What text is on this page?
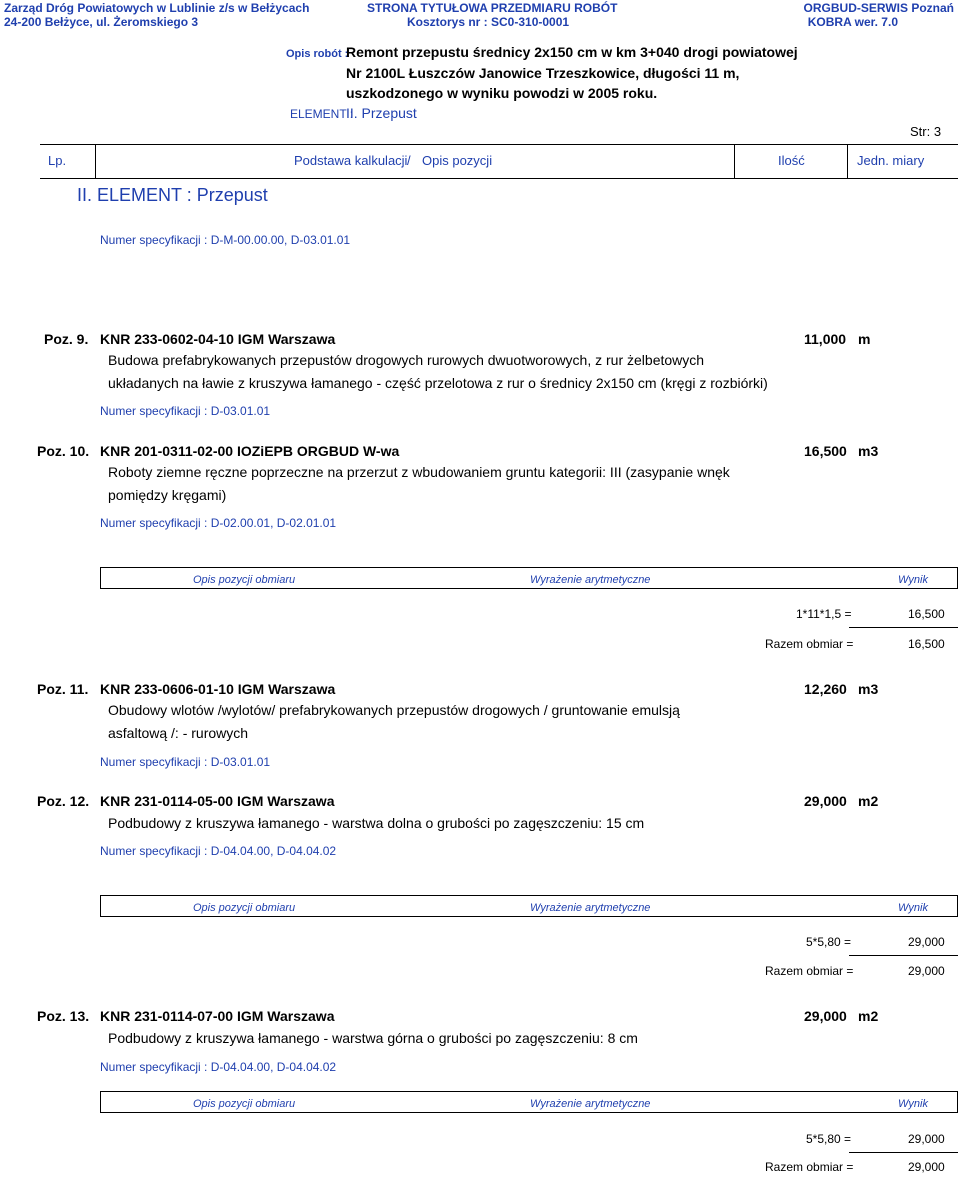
Zarząd Dróg Powiatowych w Lublinie z/s w Bełżycach
24-200 Bełżyce, ul. Żeromskiego 3
STRONA TYTUŁOWA PRZEDMIARU ROBÓT
Kosztorys nr : SC0-310-0001
ORGBUD-SERWIS Poznań
KOBRA wer. 7.0
Opis robót :
Remont przepustu średnicy 2x150 cm w km 3+040 drogi powiatowej
Nr 2100L Łuszczów Janowice Trzeszkowice, długości 11 m,
uszkodzonego w wyniku powodzi w 2005 roku.
ELEMENT :
II. Przepust
Str: 3
Lp.	Podstawa kalkulacji / Opis pozycji	Ilość	Jedn. miary
II. ELEMENT : Przepust
Numer specyfikacji : D-M-00.00.00, D-03.01.01
Poz. 9. KNR 233-0602-04-10 IGM Warszawa	11,000 m
Budowa prefabrykowanych przepustów drogowych rurowych dwuotworowych, z rur żelbetowych
układanych na ławie z kruszywa łamanego - część przelotowa z rur o średnicy 2x150 cm (kręgi z rozbiórki)
Numer specyfikacji : D-03.01.01
Poz. 10. KNR 201-0311-02-00 IOZiEPB ORGBUD W-wa	16,500 m3
Roboty ziemne ręczne poprzeczne na przerzut z wbudowaniem gruntu kategorii: III (zasypanie wnęk
pomiędzy kręgami)
Numer specyfikacji : D-02.00.01, D-02.01.01
Opis pozycji obmiaru	Wyrażenie arytmetyczne	Wynik
1*11*1,5 =	16,500
Razem obmiar =	16,500
Poz. 11. KNR 233-0606-01-10 IGM Warszawa	12,260 m3
Obudowy wlotów /wylotów/ prefabrykowanych przepustów drogowych / gruntowanie emulsją
asfaltową /: - rurowych
Numer specyfikacji : D-03.01.01
Poz. 12. KNR 231-0114-05-00 IGM Warszawa	29,000 m2
Podbudowy z kruszywa łamanego - warstwa dolna o grubości po zagęszczeniu: 15 cm
Numer specyfikacji : D-04.04.00, D-04.04.02
Opis pozycji obmiaru	Wyrażenie arytmetyczne	Wynik
5*5,80 =	29,000
Razem obmiar =	29,000
Poz. 13. KNR 231-0114-07-00 IGM Warszawa	29,000 m2
Podbudowy z kruszywa łamanego - warstwa górna o grubości po zagęszczeniu: 8 cm
Numer specyfikacji : D-04.04.00, D-04.04.02
Opis pozycji obmiaru	Wyrażenie arytmetyczne	Wynik
5*5,80 =	29,000
Razem obmiar =	29,000
